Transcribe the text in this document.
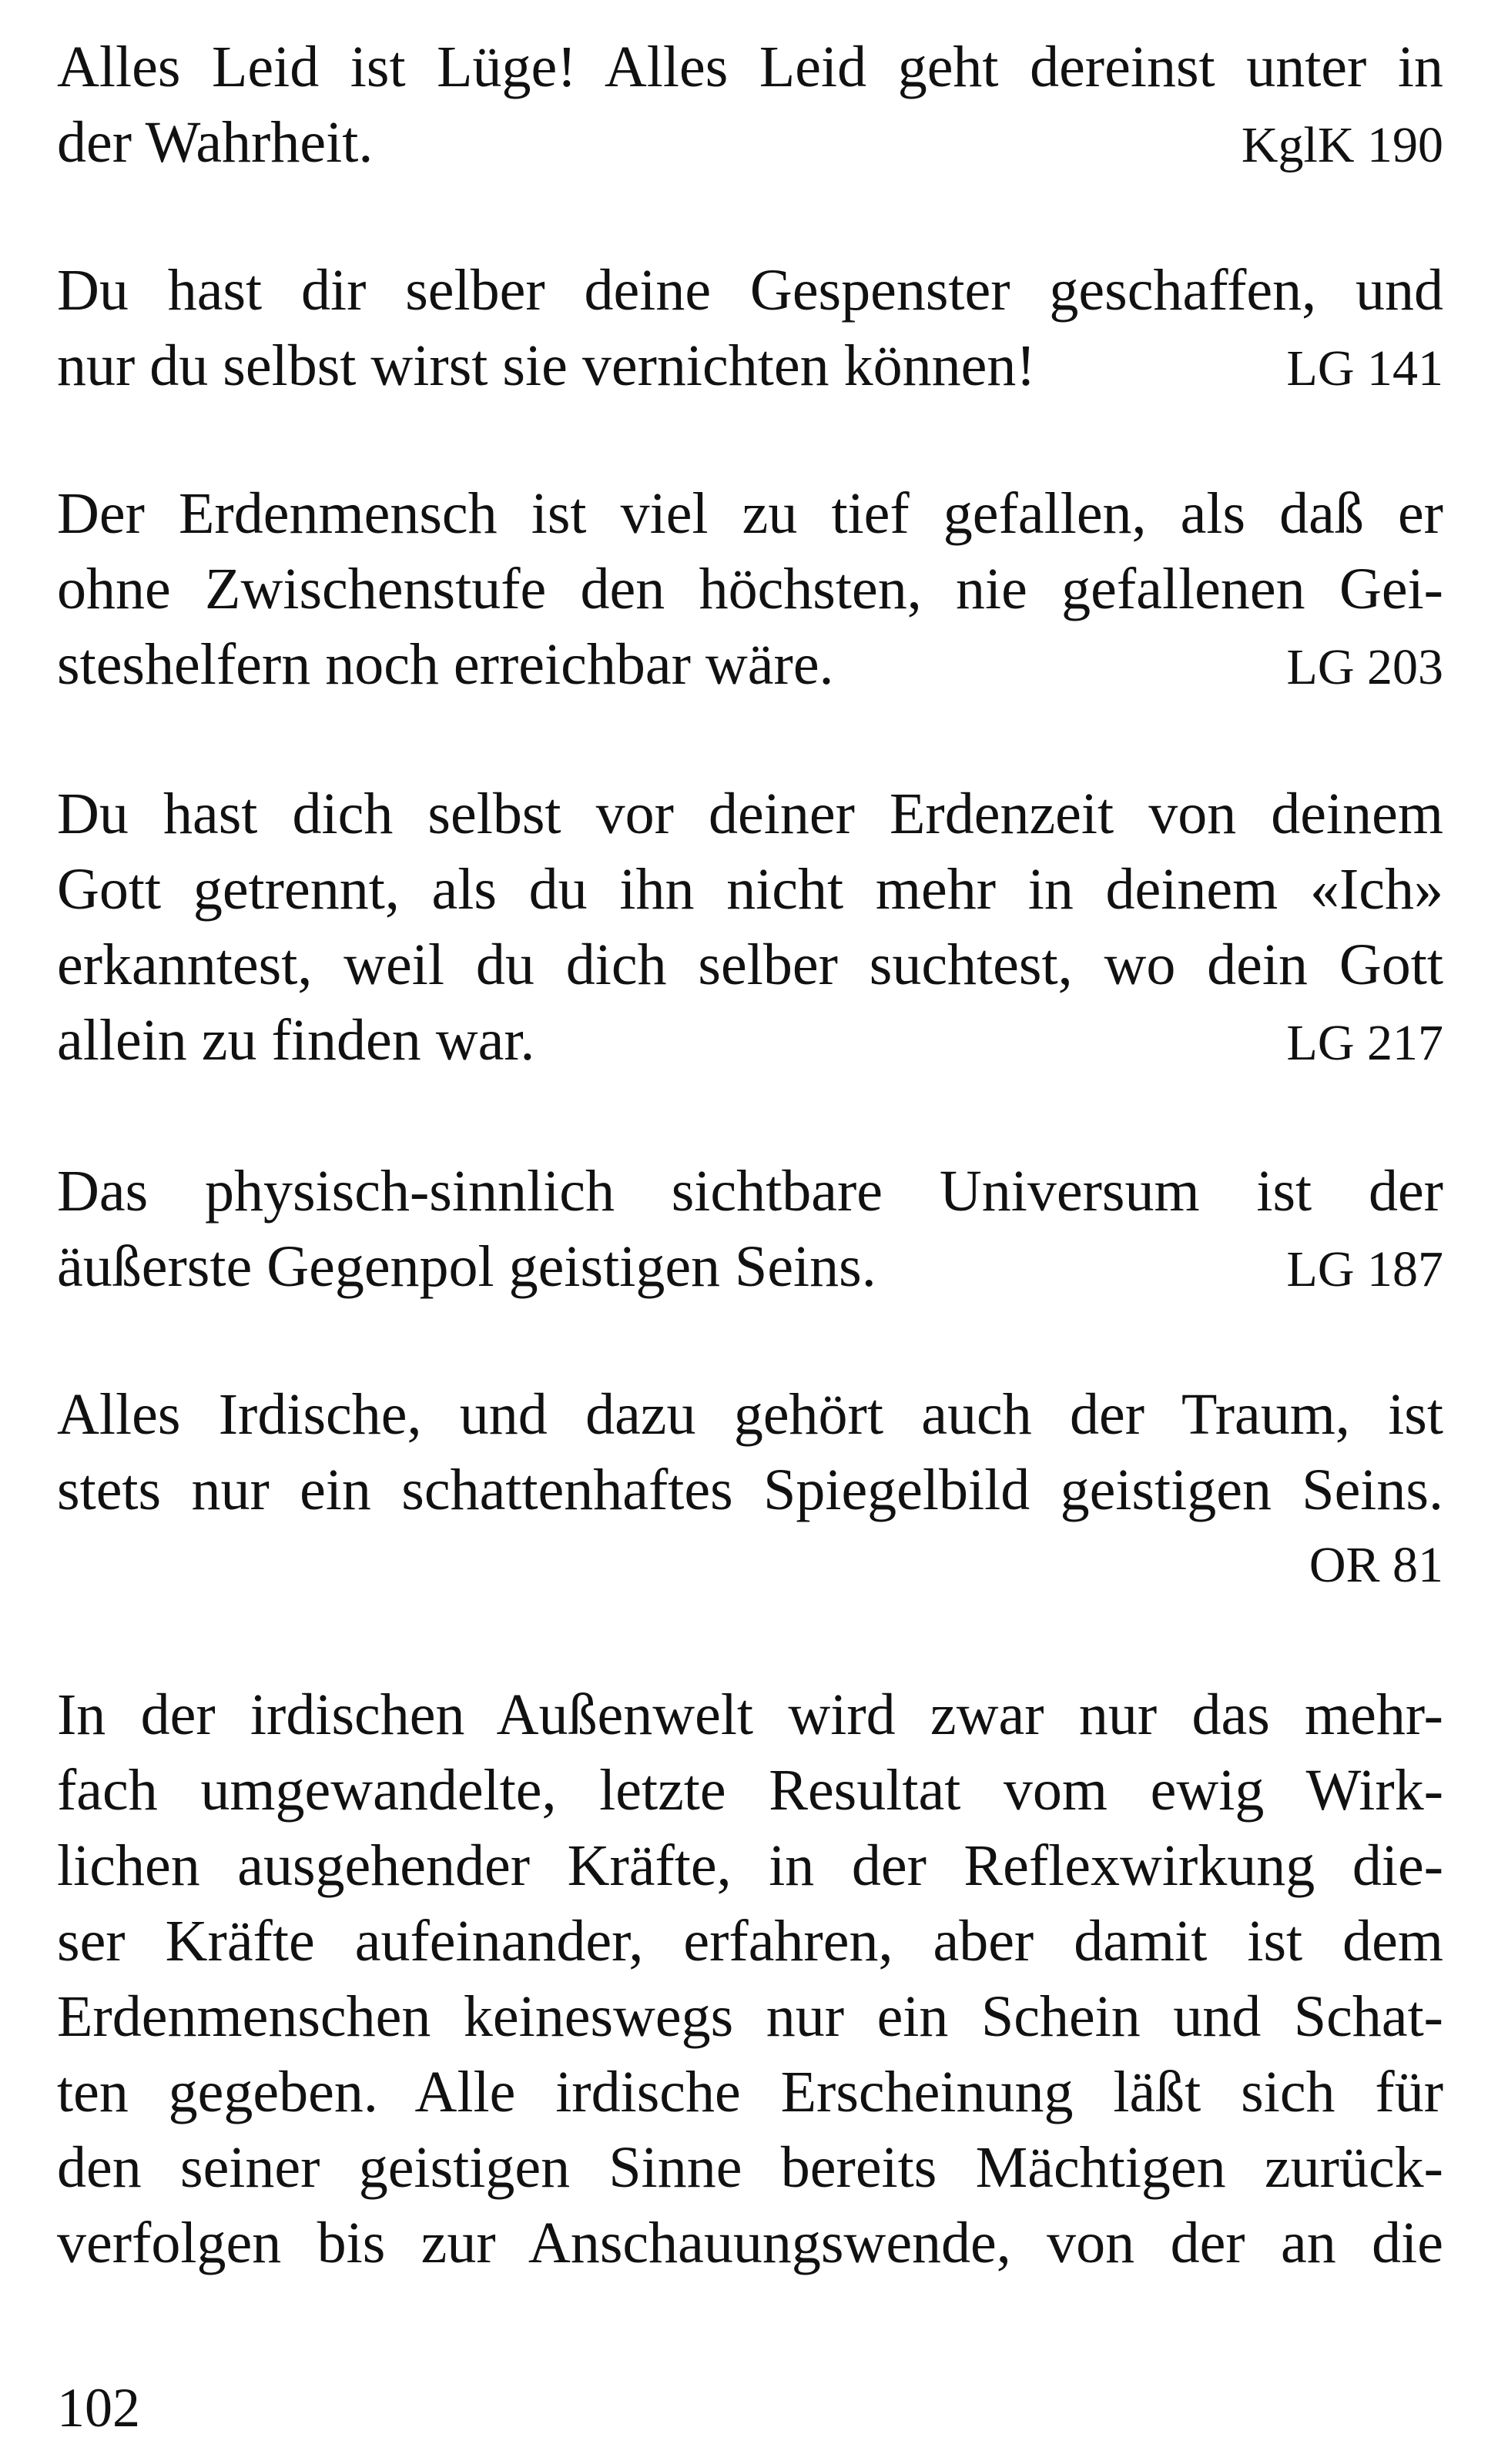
Alles Leid ist Lüge! Alles Leid geht dereinst unter in
der Wahrheit.	KglK 190
Du hast dir selber deine Gespenster geschaffen, und
nur du selbst wirst sie vernichten können!	LG 141
Der Erdenmensch ist viel zu tief gefallen, als daß er
ohne Zwischenstufe den höchsten, nie gefallenen Gei-
steshelfern noch erreichbar wäre.	LG 203
Du hast dich selbst vor deiner Erdenzeit von deinem
Gott getrennt, als du ihn nicht mehr in deinem «Ich»
erkanntest, weil du dich selber suchtest, wo dein Gott
allein zu finden war.	LG 217
Das physisch-sinnlich sichtbare Universum ist der
äußerste Gegenpol geistigen Seins.	LG 187
Alles Irdische, und dazu gehört auch der Traum, ist
stets nur ein schattenhaftes Spiegelbild geistigen Seins.
OR 81
In der irdischen Außenwelt wird zwar nur das mehr-
fach umgewandelte, letzte Resultat vom ewig Wirk-
lichen ausgehender Kräfte, in der Reflexwirkung die-
ser Kräfte aufeinander, erfahren, aber damit ist dem
Erdenmenschen keineswegs nur ein Schein und Schat-
ten gegeben. Alle irdische Erscheinung läßt sich für
den seiner geistigen Sinne bereits Mächtigen zurück-
verfolgen bis zur Anschauungswende, von der an die
102
